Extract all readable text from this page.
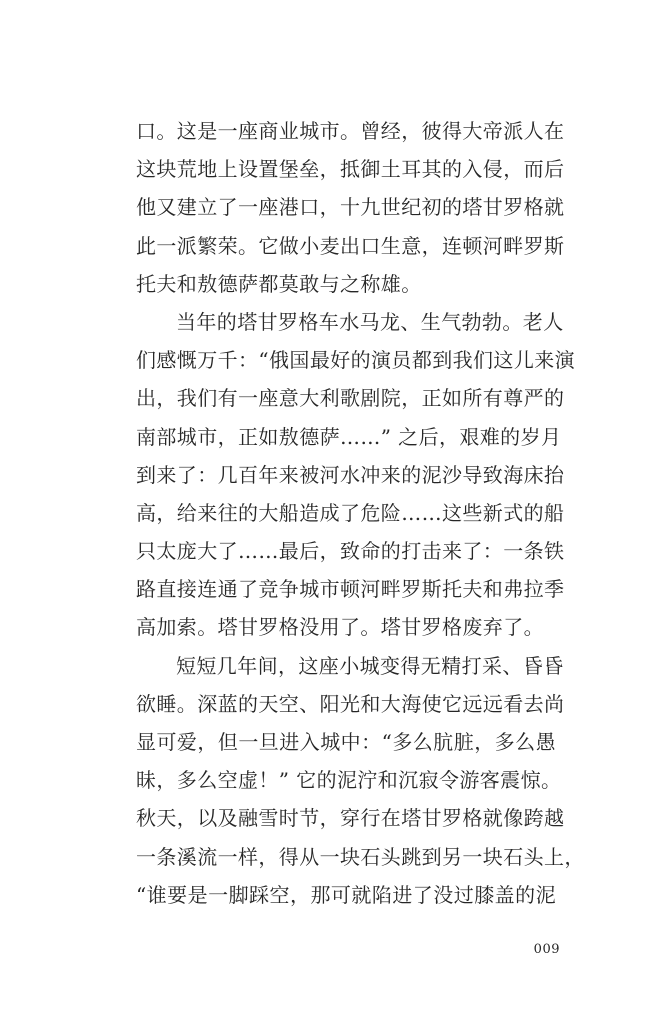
口。这是一座商业城市。曾经，彼得大帝派人在
这块荒地上设置堡垒，抵御土耳其的入侵，而后
他又建立了一座港口，十九世纪初的塔甘罗格就
此一派繁荣。它做小麦出口生意，连顿河畔罗斯
托夫和敖德萨都莫敢与之称雄。

当年的塔甘罗格车水马龙、生气勃勃。老人
们感慨万千：“俄国最好的演员都到我们这儿来演
出，我们有一座意大利歌剧院，正如所有尊严的
南部城市，正如敖德萨……” 之后，艰难的岁月
到来了：几百年来被河水冲来的泥沙导致海床抬
高，给来往的大船造成了危险……这些新式的船
只太庞大了……最后，致命的打击来了：一条铁
路直接连通了竞争城市顿河畔罗斯托夫和弗拉季
高加索。塔甘罗格没用了。塔甘罗格废弃了。

短短几年间，这座小城变得无精打采、昏昏
欲睡。深蓝的天空、阳光和大海使它远远看去尚
显可爱，但一旦进入城中：“多么肮脏，多么愚
昧，多么空虚！” 它的泥泞和沉寂令游客震惊。
秋天，以及融雪时节，穿行在塔甘罗格就像跨越
一条溪流一样，得从一块石头跳到另一块石头上，
“谁要是一脚踩空，那可就陷进了没过膝盖的泥

009
